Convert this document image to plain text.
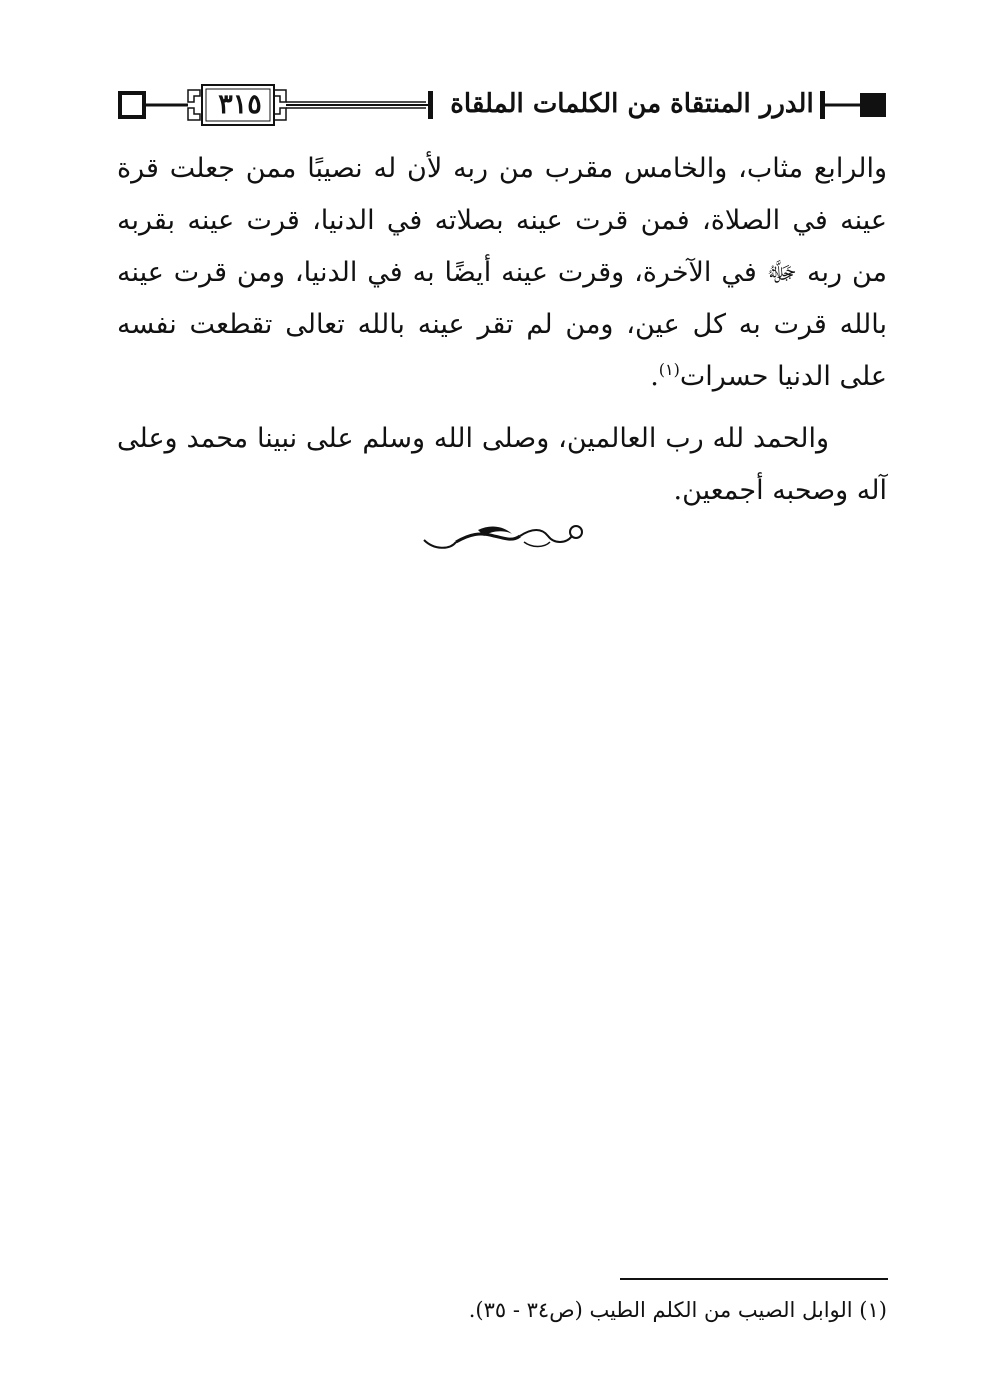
٣١٥	الدرر المنتقاة من الكلمات الملقاة

والرابع مثاب، والخامس مقرب من ربه لأن له نصيبًا ممن جعلت قرة عينه في الصلاة، فمن قرت عينه بصلاته في الدنيا، قرت عينه بقربه من ربه ﷻ في الآخرة، وقرت عينه أيضًا به في الدنيا، ومن قرت عينه بالله قرت به كل عين، ومن لم تقر عينه بالله تعالى تقطعت نفسه على الدنيا حسرات$^{(١)}$.

والحمد لله رب العالمين، وصلى الله وسلم على نبينا محمد وعلى آله وصحبه أجمعين.

(١) الوابل الصيب من الكلم الطيب (ص٣٤ - ٣٥).
